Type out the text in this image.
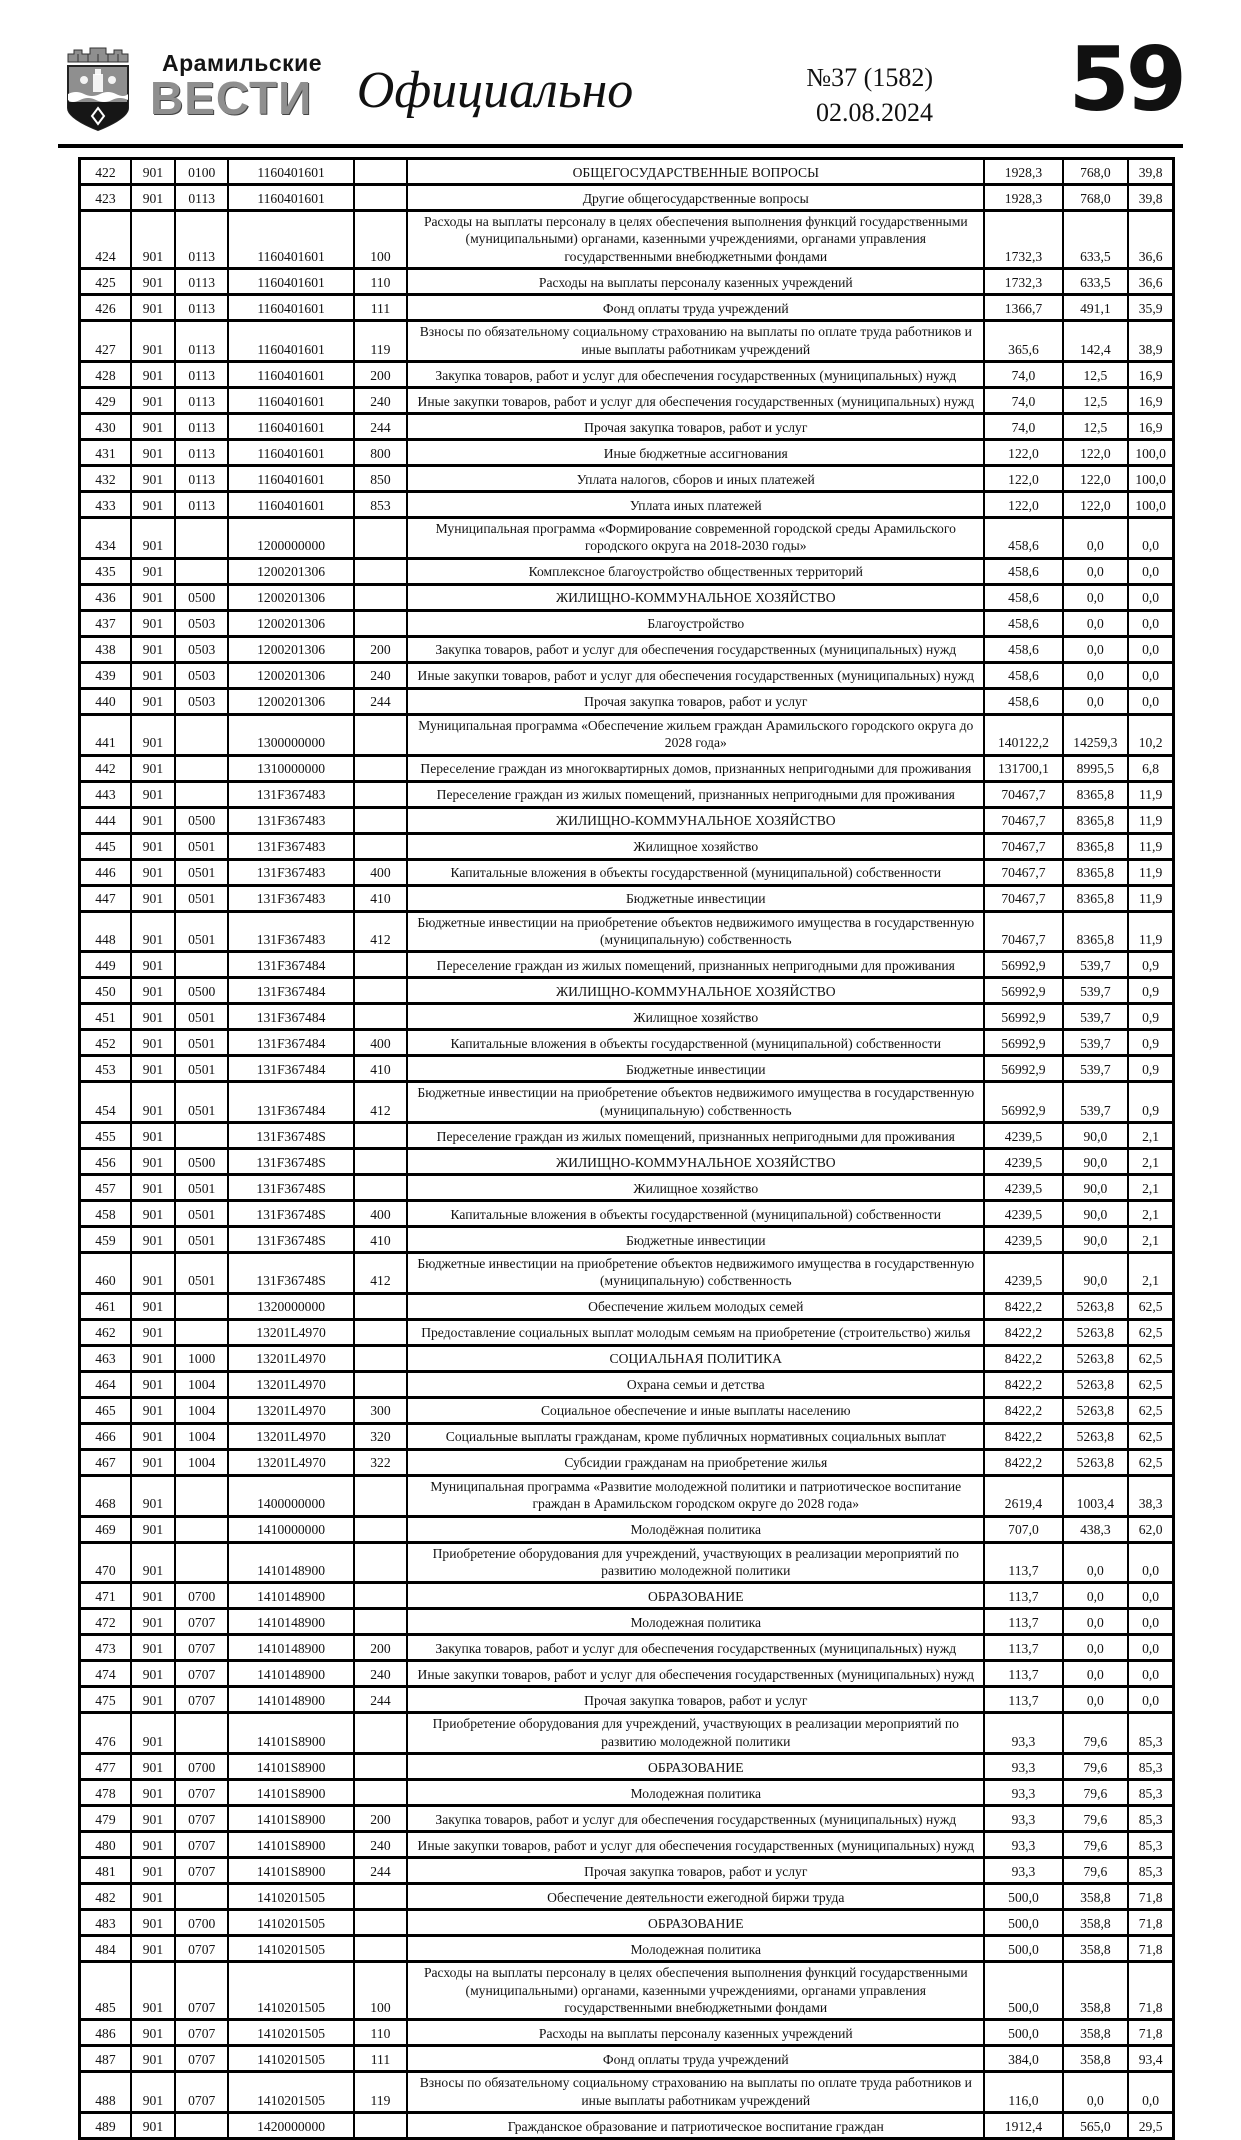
Арамильские
ВЕСТИ Официально	№37 (1582)
02.08.2024 59
422	901	0100	1160401601		ОБЩЕГОСУДАРСТВЕННЫЕ ВОПРОСЫ	1928,3	768,0	39,8
423	901	0113	1160401601		Другие общегосударственные вопросы	1928,3	768,0	39,8
424	901	0113	1160401601	100	Расходы на выплаты персоналу в целях обеспечения выполнения функций государственными (муниципальными) органами, казенными учреждениями, органами управления государственными внебюджетными фондами	1732,3	633,5	36,6
425	901	0113	1160401601	110	Расходы на выплаты персоналу казенных учреждений	1732,3	633,5	36,6
426	901	0113	1160401601	111	Фонд оплаты труда учреждений	1366,7	491,1	35,9
427	901	0113	1160401601	119	Взносы по обязательному социальному страхованию на выплаты по оплате труда работников и иные выплаты работникам учреждений	365,6	142,4	38,9
428	901	0113	1160401601	200	Закупка товаров, работ и услуг для обеспечения государственных (муниципальных) нужд	74,0	12,5	16,9
429	901	0113	1160401601	240	Иные закупки товаров, работ и услуг для обеспечения государственных (муниципальных) нужд	74,0	12,5	16,9
430	901	0113	1160401601	244	Прочая закупка товаров, работ и услуг	74,0	12,5	16,9
431	901	0113	1160401601	800	Иные бюджетные ассигнования	122,0	122,0	100,0
432	901	0113	1160401601	850	Уплата налогов, сборов и иных платежей	122,0	122,0	100,0
433	901	0113	1160401601	853	Уплата иных платежей	122,0	122,0	100,0
434	901		1200000000		Муниципальная программа «Формирование современной городской среды Арамильского городского округа на 2018-2030 годы»	458,6	0,0	0,0
435	901		1200201306		Комплексное благоустройство общественных территорий	458,6	0,0	0,0
436	901	0500	1200201306		ЖИЛИЩНО-КОММУНАЛЬНОЕ ХОЗЯЙСТВО	458,6	0,0	0,0
437	901	0503	1200201306		Благоустройство	458,6	0,0	0,0
438	901	0503	1200201306	200	Закупка товаров, работ и услуг для обеспечения государственных (муниципальных) нужд	458,6	0,0	0,0
439	901	0503	1200201306	240	Иные закупки товаров, работ и услуг для обеспечения государственных (муниципальных) нужд	458,6	0,0	0,0
440	901	0503	1200201306	244	Прочая закупка товаров, работ и услуг	458,6	0,0	0,0
441	901		1300000000		Муниципальная программа «Обеспечение жильем граждан Арамильского городского округа до 2028 года»	140122,2	14259,3	10,2
442	901		1310000000		Переселение граждан из многоквартирных домов, признанных непригодными для проживания	131700,1	8995,5	6,8
443	901		131F367483		Переселение граждан из жилых помещений, признанных непригодными для проживания	70467,7	8365,8	11,9
444	901	0500	131F367483		ЖИЛИЩНО-КОММУНАЛЬНОЕ ХОЗЯЙСТВО	70467,7	8365,8	11,9
445	901	0501	131F367483		Жилищное хозяйство	70467,7	8365,8	11,9
446	901	0501	131F367483	400	Капитальные вложения в объекты государственной (муниципальной) собственности	70467,7	8365,8	11,9
447	901	0501	131F367483	410	Бюджетные инвестиции	70467,7	8365,8	11,9
448	901	0501	131F367483	412	Бюджетные инвестиции на приобретение объектов недвижимого имущества в государственную (муниципальную) собственность	70467,7	8365,8	11,9
449	901		131F367484		Переселение граждан из жилых помещений, признанных непригодными для проживания	56992,9	539,7	0,9
450	901	0500	131F367484		ЖИЛИЩНО-КОММУНАЛЬНОЕ ХОЗЯЙСТВО	56992,9	539,7	0,9
451	901	0501	131F367484		Жилищное хозяйство	56992,9	539,7	0,9
452	901	0501	131F367484	400	Капитальные вложения в объекты государственной (муниципальной) собственности	56992,9	539,7	0,9
453	901	0501	131F367484	410	Бюджетные инвестиции	56992,9	539,7	0,9
454	901	0501	131F367484	412	Бюджетные инвестиции на приобретение объектов недвижимого имущества в государственную (муниципальную) собственность	56992,9	539,7	0,9
455	901		131F36748S		Переселение граждан из жилых помещений, признанных непригодными для проживания	4239,5	90,0	2,1
456	901	0500	131F36748S		ЖИЛИЩНО-КОММУНАЛЬНОЕ ХОЗЯЙСТВО	4239,5	90,0	2,1
457	901	0501	131F36748S		Жилищное хозяйство	4239,5	90,0	2,1
458	901	0501	131F36748S	400	Капитальные вложения в объекты государственной (муниципальной) собственности	4239,5	90,0	2,1
459	901	0501	131F36748S	410	Бюджетные инвестиции	4239,5	90,0	2,1
460	901	0501	131F36748S	412	Бюджетные инвестиции на приобретение объектов недвижимого имущества в государственную (муниципальную) собственность	4239,5	90,0	2,1
461	901		1320000000		Обеспечение жильем молодых семей	8422,2	5263,8	62,5
462	901		13201L4970		Предоставление социальных выплат молодым семьям на приобретение (строительство) жилья	8422,2	5263,8	62,5
463	901	1000	13201L4970		СОЦИАЛЬНАЯ ПОЛИТИКА	8422,2	5263,8	62,5
464	901	1004	13201L4970		Охрана семьи и детства	8422,2	5263,8	62,5
465	901	1004	13201L4970	300	Социальное обеспечение и иные выплаты населению	8422,2	5263,8	62,5
466	901	1004	13201L4970	320	Социальные выплаты гражданам, кроме публичных нормативных социальных выплат	8422,2	5263,8	62,5
467	901	1004	13201L4970	322	Субсидии гражданам на приобретение жилья	8422,2	5263,8	62,5
468	901		1400000000		Муниципальная программа «Развитие молодежной политики и патриотическое воспитание граждан в Арамильском городском округе до 2028 года»	2619,4	1003,4	38,3
469	901		1410000000		Молодёжная политика	707,0	438,3	62,0
470	901		1410148900		Приобретение оборудования для учреждений, участвующих в реализации мероприятий по развитию молодежной политики	113,7	0,0	0,0
471	901	0700	1410148900		ОБРАЗОВАНИЕ	113,7	0,0	0,0
472	901	0707	1410148900		Молодежная политика	113,7	0,0	0,0
473	901	0707	1410148900	200	Закупка товаров, работ и услуг для обеспечения государственных (муниципальных) нужд	113,7	0,0	0,0
474	901	0707	1410148900	240	Иные закупки товаров, работ и услуг для обеспечения государственных (муниципальных) нужд	113,7	0,0	0,0
475	901	0707	1410148900	244	Прочая закупка товаров, работ и услуг	113,7	0,0	0,0
476	901		14101S8900		Приобретение оборудования для учреждений, участвующих в реализации мероприятий по развитию молодежной политики	93,3	79,6	85,3
477	901	0700	14101S8900		ОБРАЗОВАНИЕ	93,3	79,6	85,3
478	901	0707	14101S8900		Молодежная политика	93,3	79,6	85,3
479	901	0707	14101S8900	200	Закупка товаров, работ и услуг для обеспечения государственных (муниципальных) нужд	93,3	79,6	85,3
480	901	0707	14101S8900	240	Иные закупки товаров, работ и услуг для обеспечения государственных (муниципальных) нужд	93,3	79,6	85,3
481	901	0707	14101S8900	244	Прочая закупка товаров, работ и услуг	93,3	79,6	85,3
482	901		1410201505		Обеспечение деятельности ежегодной биржи труда	500,0	358,8	71,8
483	901	0700	1410201505		ОБРАЗОВАНИЕ	500,0	358,8	71,8
484	901	0707	1410201505		Молодежная политика	500,0	358,8	71,8
485	901	0707	1410201505	100	Расходы на выплаты персоналу в целях обеспечения выполнения функций государственными (муниципальными) органами, казенными учреждениями, органами управления государственными внебюджетными фондами	500,0	358,8	71,8
486	901	0707	1410201505	110	Расходы на выплаты персоналу казенных учреждений	500,0	358,8	71,8
487	901	0707	1410201505	111	Фонд оплаты труда учреждений	384,0	358,8	93,4
488	901	0707	1410201505	119	Взносы по обязательному социальному страхованию на выплаты по оплате труда работников и иные выплаты работникам учреждений	116,0	0,0	0,0
489	901		1420000000		Гражданское образование и патриотическое воспитание граждан	1912,4	565,0	29,5
